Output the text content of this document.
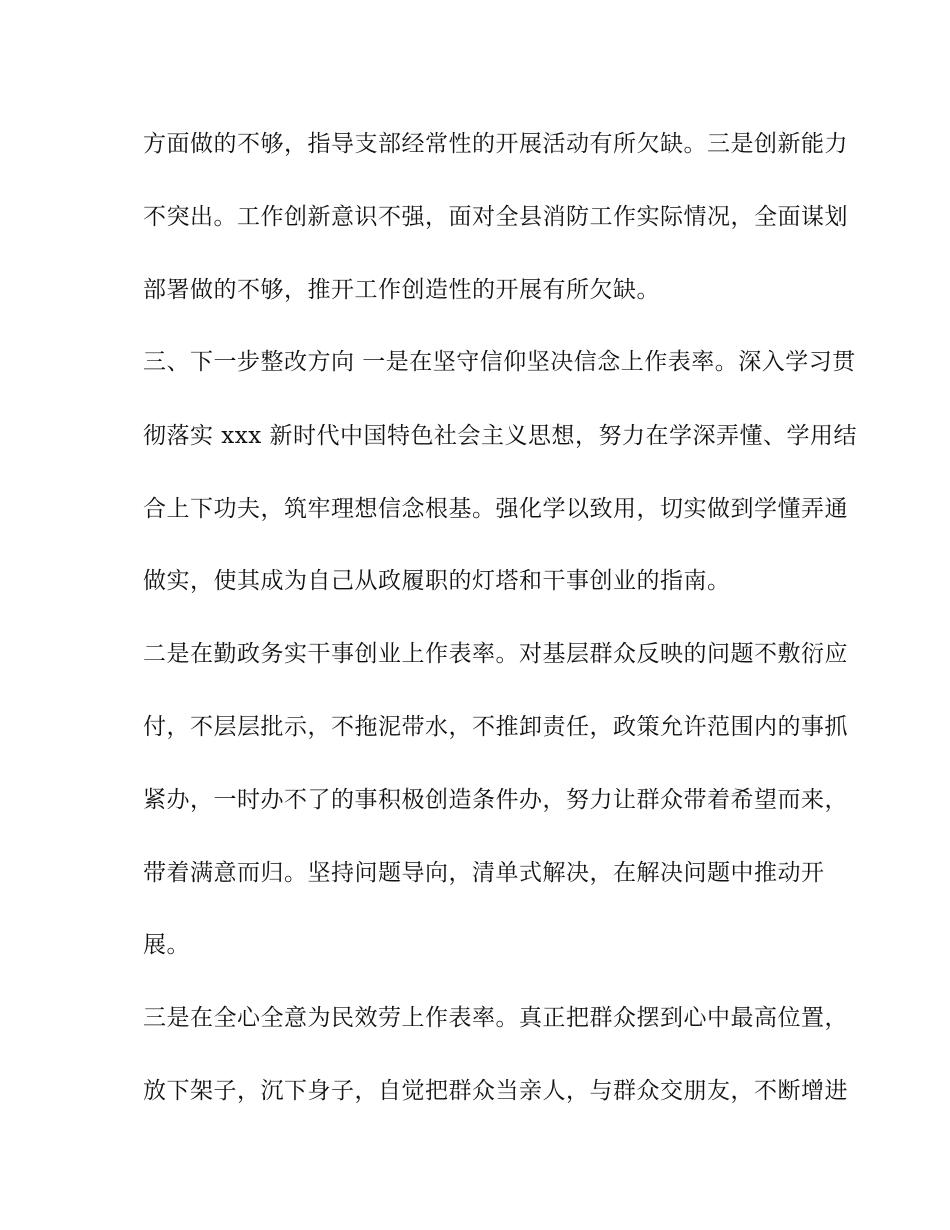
方面做的不够，指导支部经常性的开展活动有所欠缺。三是创新能力
不突出。工作创新意识不强，面对全县消防工作实际情况，全面谋划
部署做的不够，推开工作创造性的开展有所欠缺。
三、下一步整改方向 一是在坚守信仰坚决信念上作表率。深入学习贯
彻落实 xxx 新时代中国特色社会主义思想，努力在学深弄懂、学用结
合上下功夫，筑牢理想信念根基。强化学以致用，切实做到学懂弄通
做实，使其成为自己从政履职的灯塔和干事创业的指南。
二是在勤政务实干事创业上作表率。对基层群众反映的问题不敷衍应
付，不层层批示，不拖泥带水，不推卸责任，政策允许范围内的事抓
紧办，一时办不了的事积极创造条件办，努力让群众带着希望而来，
带着满意而归。坚持问题导向，清单式解决，在解决问题中推动开
展。
三是在全心全意为民效劳上作表率。真正把群众摆到心中最高位置，
放下架子，沉下身子，自觉把群众当亲人，与群众交朋友，不断增进
